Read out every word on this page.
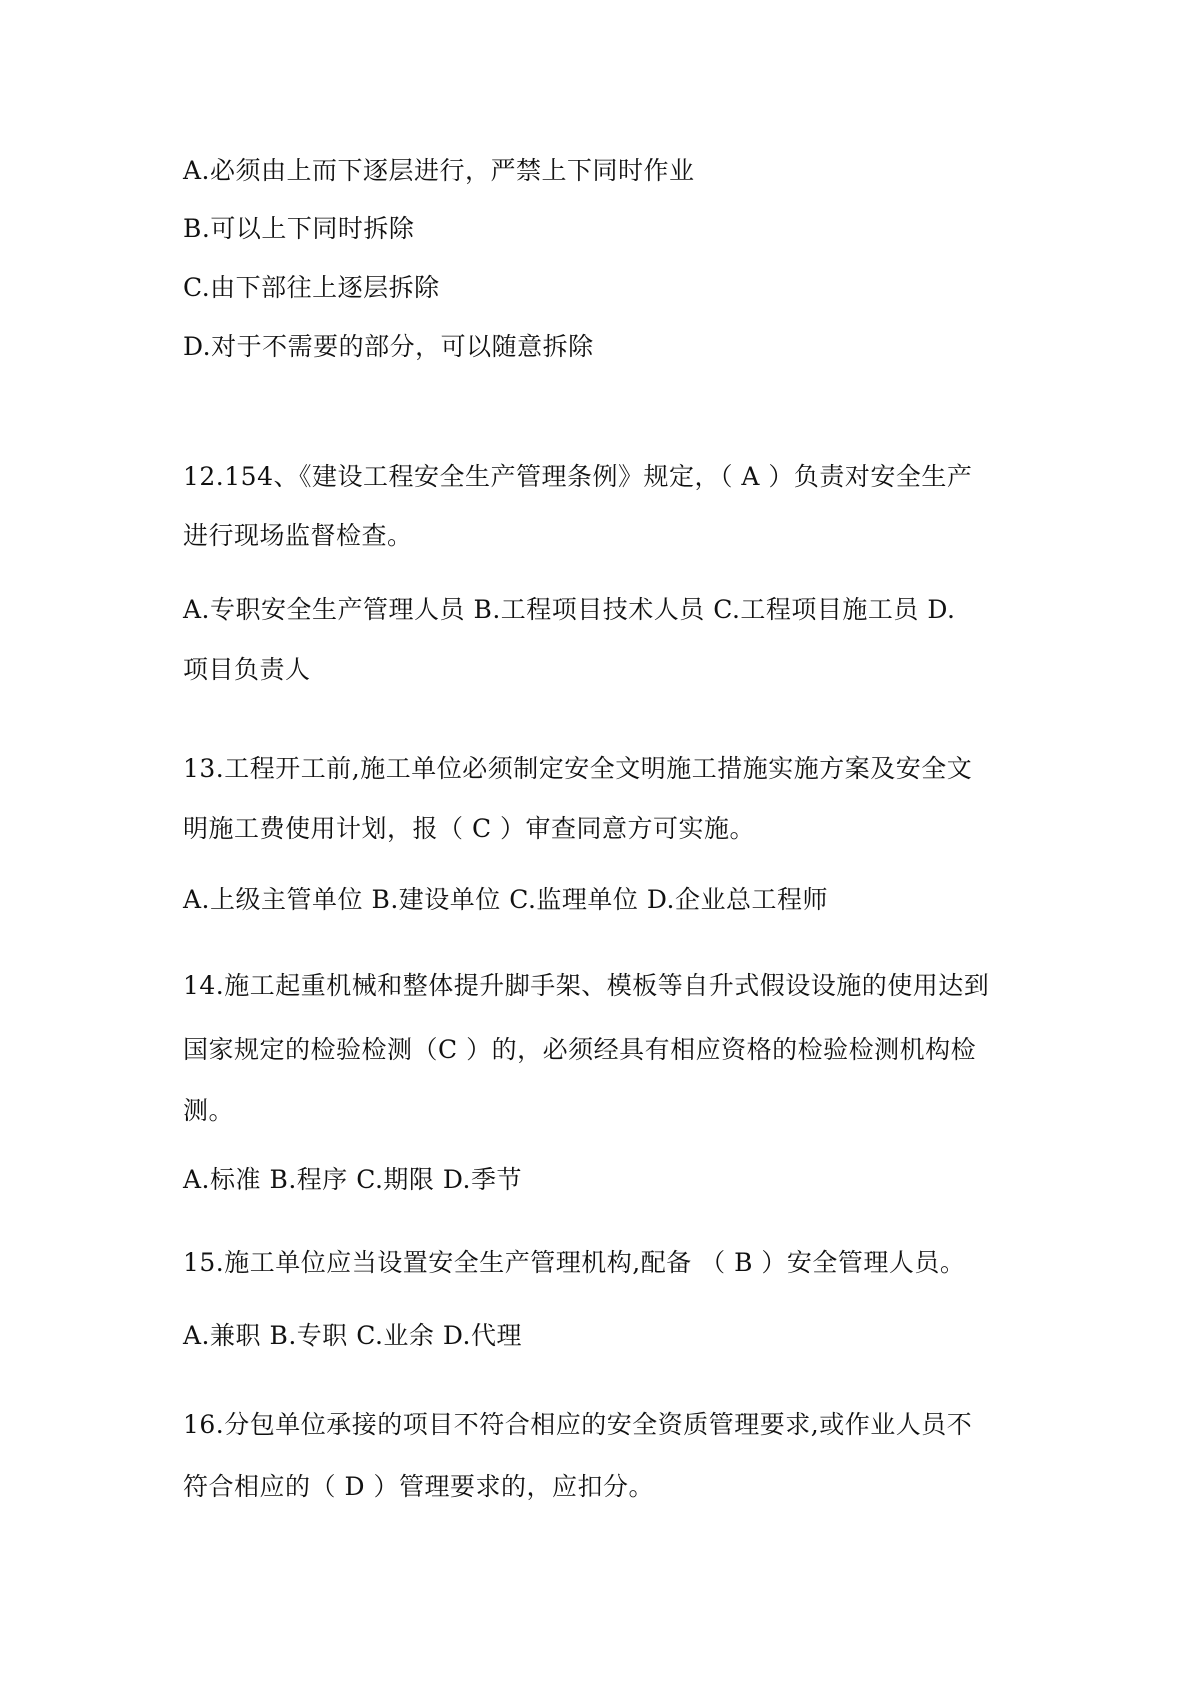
A.必须由上而下逐层进行，严禁上下同时作业
B.可以上下同时拆除
C.由下部往上逐层拆除
D.对于不需要的部分，可以随意拆除
12.154、《建设工程安全生产管理条例》规定，（ A ）负责对安全生产
进行现场监督检查。
A.专职安全生产管理人员 B.工程项目技术人员 C.工程项目施工员 D.
项目负责人
13.工程开工前,施工单位必须制定安全文明施工措施实施方案及安全文
明施工费使用计划，报（ C ）审查同意方可实施。
A.上级主管单位 B.建设单位 C.监理单位 D.企业总工程师
14.施工起重机械和整体提升脚手架、模板等自升式假设设施的使用达到
国家规定的检验检测（C ）的，必须经具有相应资格的检验检测机构检
测。
A.标准 B.程序 C.期限 D.季节
15.施工单位应当设置安全生产管理机构,配备 （ B ）安全管理人员。
A.兼职 B.专职 C.业余 D.代理
16.分包单位承接的项目不符合相应的安全资质管理要求,或作业人员不
符合相应的（ D ）管理要求的，应扣分。
